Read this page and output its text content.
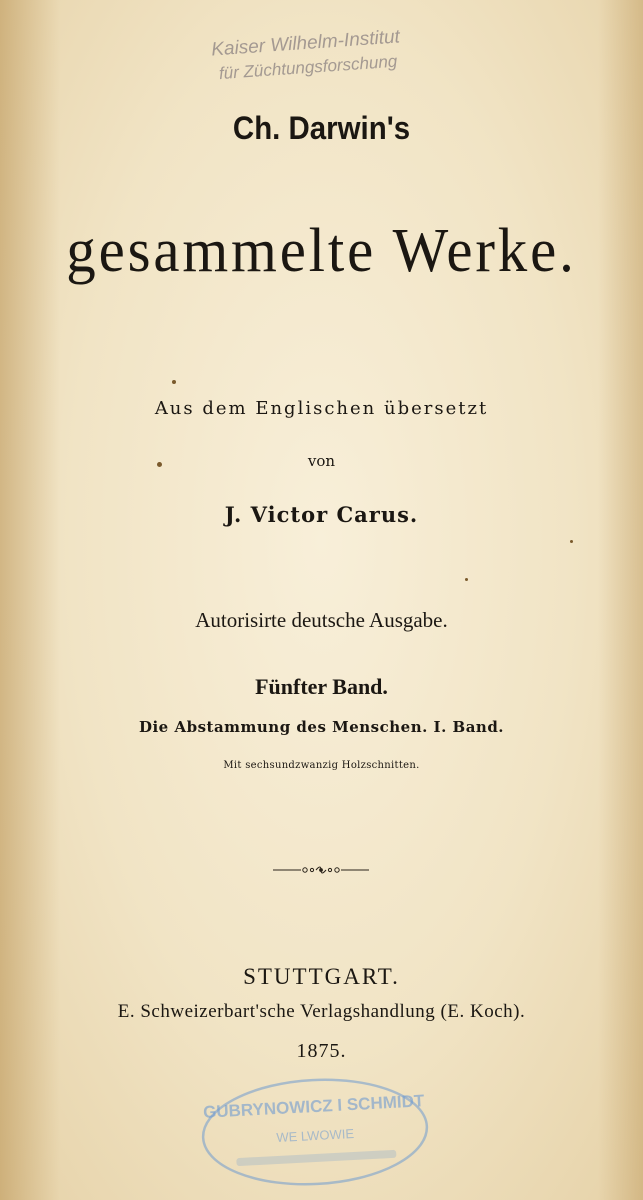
Kaiser Wilhelm-Institut
für Züchtungsforschung
Ch. Darwin's
gesammelte Werke.
Aus dem Englischen übersetzt
von
J. Victor Carus.
Autorisirte deutsche Ausgabe.
Fünfter Band.
Die Abstammung des Menschen. I. Band.
Mit sechsundzwanzig Holzschnitten.
STUTTGART.
E. Schweizerbart'sche Verlagshandlung (E. Koch).
1875.
GUBRYNOWICZ I SCHMIDT
WE LWOWIE
